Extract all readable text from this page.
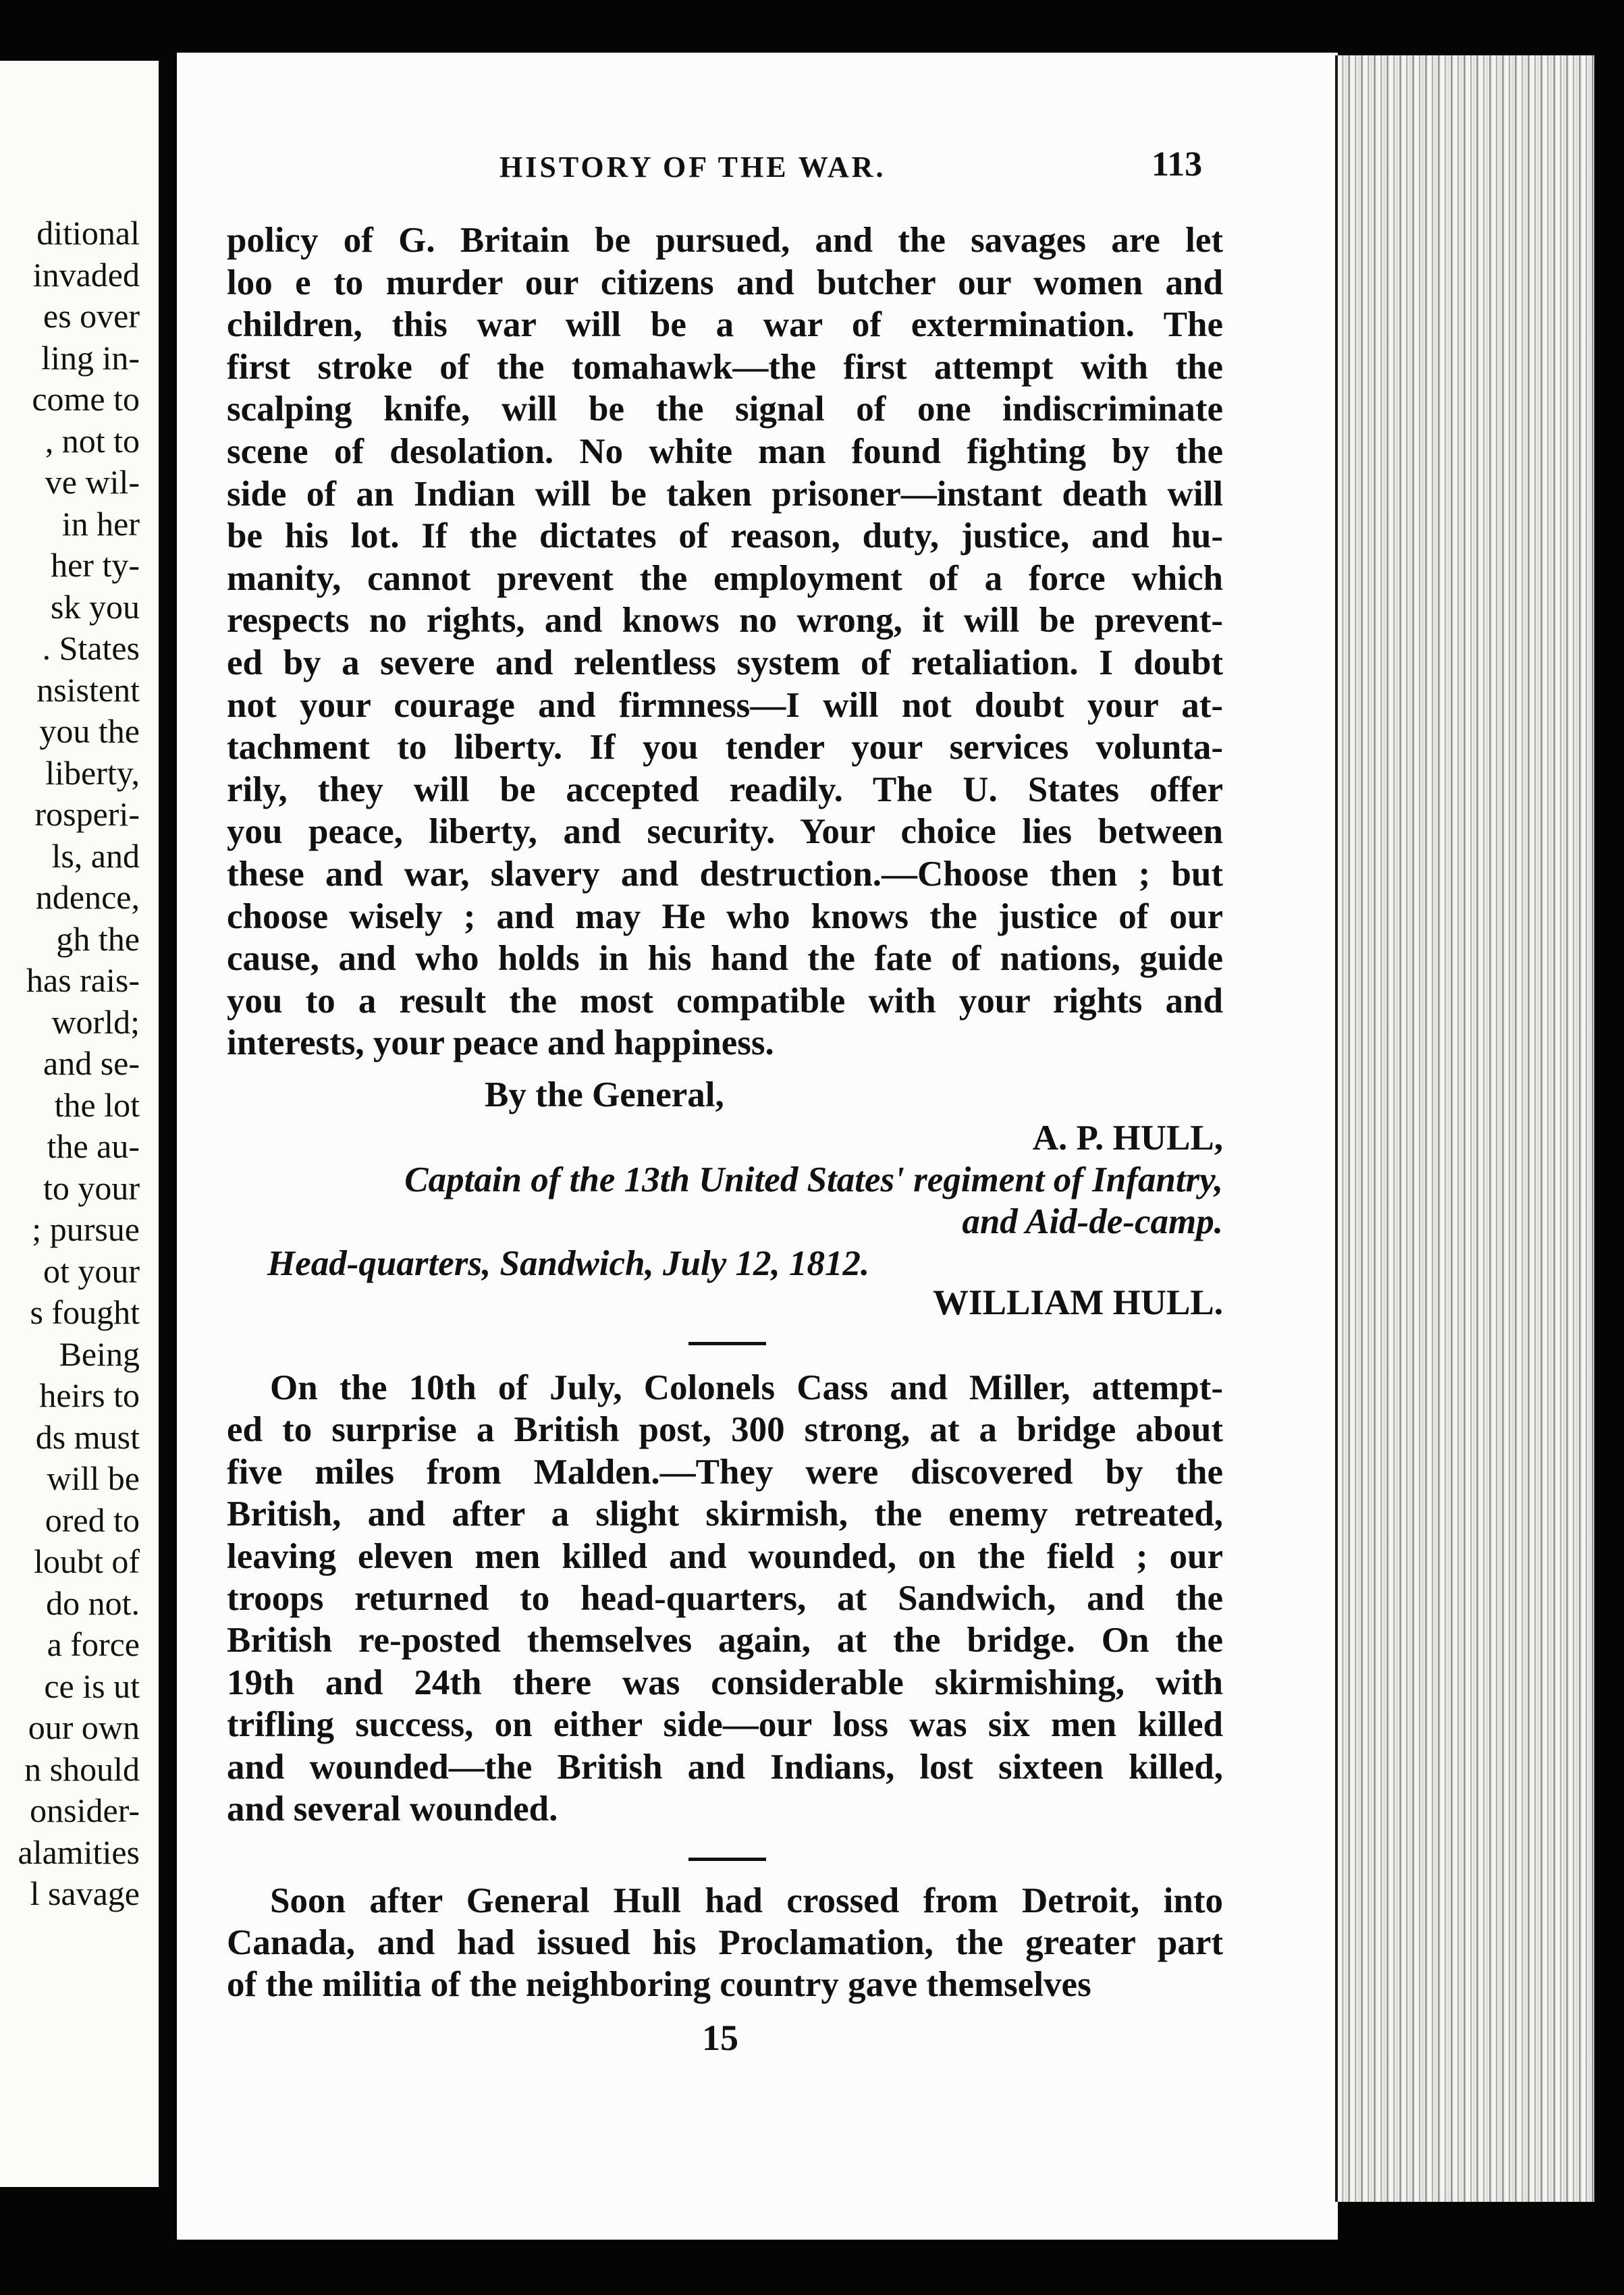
ditional
invaded
es over
ling in-
come to
, not to
ve wil-
in her
her ty-
sk you
. States
nsistent
you the
liberty,
rosperi-
ls, and
ndence,
gh the
has rais-
world;
and se-
the lot
the au-
to your
; pursue
ot your
s fought
Being
heirs to
ds must
will be
ored to
loubt of
do not.
a force
ce is ut
our own
n should
onsider-
alamities
l savage
HISTORY OF THE WAR.	113
policy of G. Britain be pursued, and the savages are let
loo e to murder our citizens and butcher our women and
children, this war will be a war of extermination. The
first stroke of the tomahawk—the first attempt with the
scalping knife, will be the signal of one indiscriminate
scene of desolation. No white man found fighting by the
side of an Indian will be taken prisoner—instant death will
be his lot. If the dictates of reason, duty, justice, and hu-
manity, cannot prevent the employment of a force which
respects no rights, and knows no wrong, it will be prevent-
ed by a severe and relentless system of retaliation. I doubt
not your courage and firmness—I will not doubt your at-
tachment to liberty. If you tender your services volunta-
rily, they will be accepted readily. The U. States offer
you peace, liberty, and security. Your choice lies between
these and war, slavery and destruction.—Choose then ; but
choose wisely ; and may He who knows the justice of our
cause, and who holds in his hand the fate of nations, guide
you to a result the most compatible with your rights and
interests, your peace and happiness.
By the General,
A. P. HULL,
Captain of the 13th United States' regiment of Infantry,
and Aid-de-camp.
Head-quarters, Sandwich, July 12, 1812.
WILLIAM HULL.
On the 10th of July, Colonels Cass and Miller, attempt-
ed to surprise a British post, 300 strong, at a bridge about
five miles from Malden.—They were discovered by the
British, and after a slight skirmish, the enemy retreated,
leaving eleven men killed and wounded, on the field ; our
troops returned to head-quarters, at Sandwich, and the
British re-posted themselves again, at the bridge. On the
19th and 24th there was considerable skirmishing, with
trifling success, on either side—our loss was six men killed
and wounded—the British and Indians, lost sixteen killed,
and several wounded.
Soon after General Hull had crossed from Detroit, into
Canada, and had issued his Proclamation, the greater part
of the militia of the neighboring country gave themselves
15
